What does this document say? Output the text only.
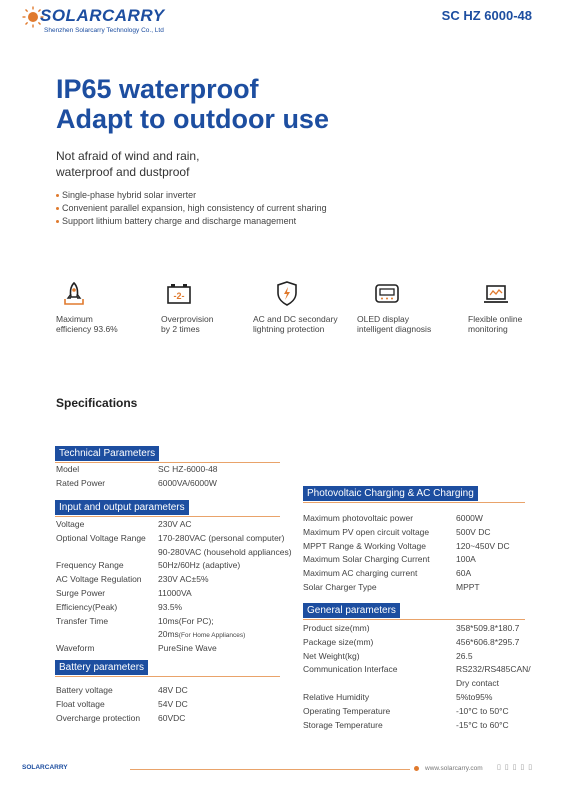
SOLARCARRY
Shenzhen Solarcarry Technology Co., Ltd
SC HZ 6000-48
IP65 waterproof
Adapt to outdoor use
Not afraid of wind and rain,
waterproof and dustproof
Single-phase hybrid solar inverter
Convenient parallel expansion, high consistency of current sharing
Support lithium battery charge and discharge management
Maximum
efficiency 93.6%
-2-
Overprovision
by 2 times
AC and DC secondary
lightning protection
OLED display
intelligent diagnosis
Flexible online
monitoring
Specifications
Technical Parameters
Model	SC HZ-6000-48
Rated Power	6000VA/6000W
Input and output parameters
Voltage	230V AC
Optional Voltage Range	170-280VAC (personal computer)
	90-280VAC (household appliances)
Frequency Range	50Hz/60Hz (adaptive)
AC Voltage Regulation	230V AC±5%
Surge Power	11000VA
Efficiency(Peak)	93.5%
Transfer Time	10ms(For PC);
	20ms(For Home Appliances)
Waveform	PureSine Wave
Battery parameters
Battery voltage	48V DC
Float voltage	54V DC
Overcharge protection	60VDC
Photovoltaic Charging & AC Charging
Maximum photovoltaic power	6000W
Maximum PV open circuit voltage	500V DC
MPPT Range & Working Voltage	120~450V DC
Maximum Solar Charging Current	100A
Maximum AC charging current	60A
Solar Charger Type	MPPT
General parameters
Product size(mm)	358*509.8*180.7
Package size(mm)	456*606.8*295.7
Net Weight(kg)	26.5
Communication Interface	RS232/RS485CAN/
	Dry contact
Relative Humidity	5%to95%
Operating Temperature	-10°C to 50°C
Storage Temperature	-15°C to 60°C
SOLARCARRY	www.solarcarry.com ▯ ▯ ▯ ▯ ▯
